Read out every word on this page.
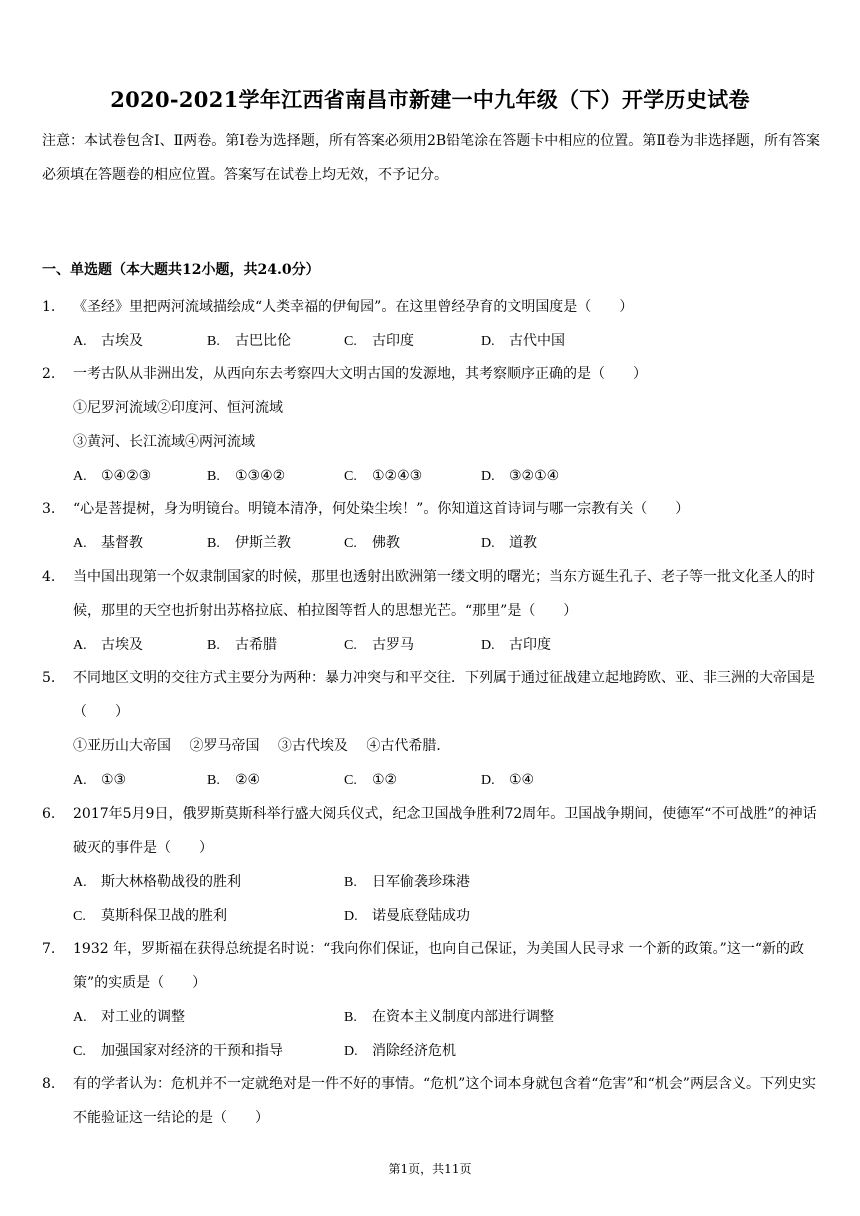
2020-2021学年江西省南昌市新建一中九年级（下）开学历史试卷
注意：本试卷包含Ⅰ、Ⅱ两卷。第Ⅰ卷为选择题，所有答案必须用2B铅笔涂在答题卡中相应的位置。第Ⅱ卷为非选择题，所有答案必须填在答题卷的相应位置。答案写在试卷上均无效，不予记分。
一、单选题（本大题共12小题，共24.0分）
1. 《圣经》里把两河流域描绘成“人类幸福的伊甸园”。在这里曾经孕育的文明国度是（　　）
A. 古埃及	B. 古巴比伦	C. 古印度	D. 古代中国
2. 一考古队从非洲出发，从西向东去考察四大文明古国的发源地，其考察顺序正确的是（　　）
①尼罗河流域②印度河、恒河流域
③黄河、长江流域④两河流域
A. ①④②③	B. ①③④②	C. ①②④③	D. ③②①④
3. “心是菩提树，身为明镜台。明镜本清净，何处染尘埃！”。你知道这首诗词与哪一宗教有关（　　）
A. 基督教	B. 伊斯兰教	C. 佛教	D. 道教
4. 当中国出现第一个奴隶制国家的时候，那里也透射出欧洲第一缕文明的曙光；当东方诞生孔子、老子等一批文化圣人的时候，那里的天空也折射出苏格拉底、柏拉图等哲人的思想光芒。“那里”是（　　）
A. 古埃及	B. 古希腊	C. 古罗马	D. 古印度
5. 不同地区文明的交往方式主要分为两种：暴力冲突与和平交往．下列属于通过征战建立起地跨欧、亚、非三洲的大帝国是（　　）
①亚历山大帝国　 ②罗马帝国　 ③古代埃及　 ④古代希腊．
A. ①③	B. ②④	C. ①②	D. ①④
6. 2017年5月9日，俄罗斯莫斯科举行盛大阅兵仪式，纪念卫国战争胜利72周年。卫国战争期间，使德军“不可战胜”的神话破灭的事件是（　　）
A. 斯大林格勒战役的胜利	B. 日军偷袭珍珠港
C. 莫斯科保卫战的胜利	D. 诺曼底登陆成功
7. 1932 年，罗斯福在获得总统提名时说：“我向你们保证，也向自己保证，为美国人民寻求 一个新的政策。”这一“新的政策”的实质是（　　）
A. 对工业的调整	B. 在资本主义制度内部进行调整
C. 加强国家对经济的干预和指导	D. 消除经济危机
8. 有的学者认为：危机并不一定就绝对是一件不好的事情。“危机”这个词本身就包含着“危害”和“机会”两层含义。下列史实不能验证这一结论的是（　　）
第1页，共11页
